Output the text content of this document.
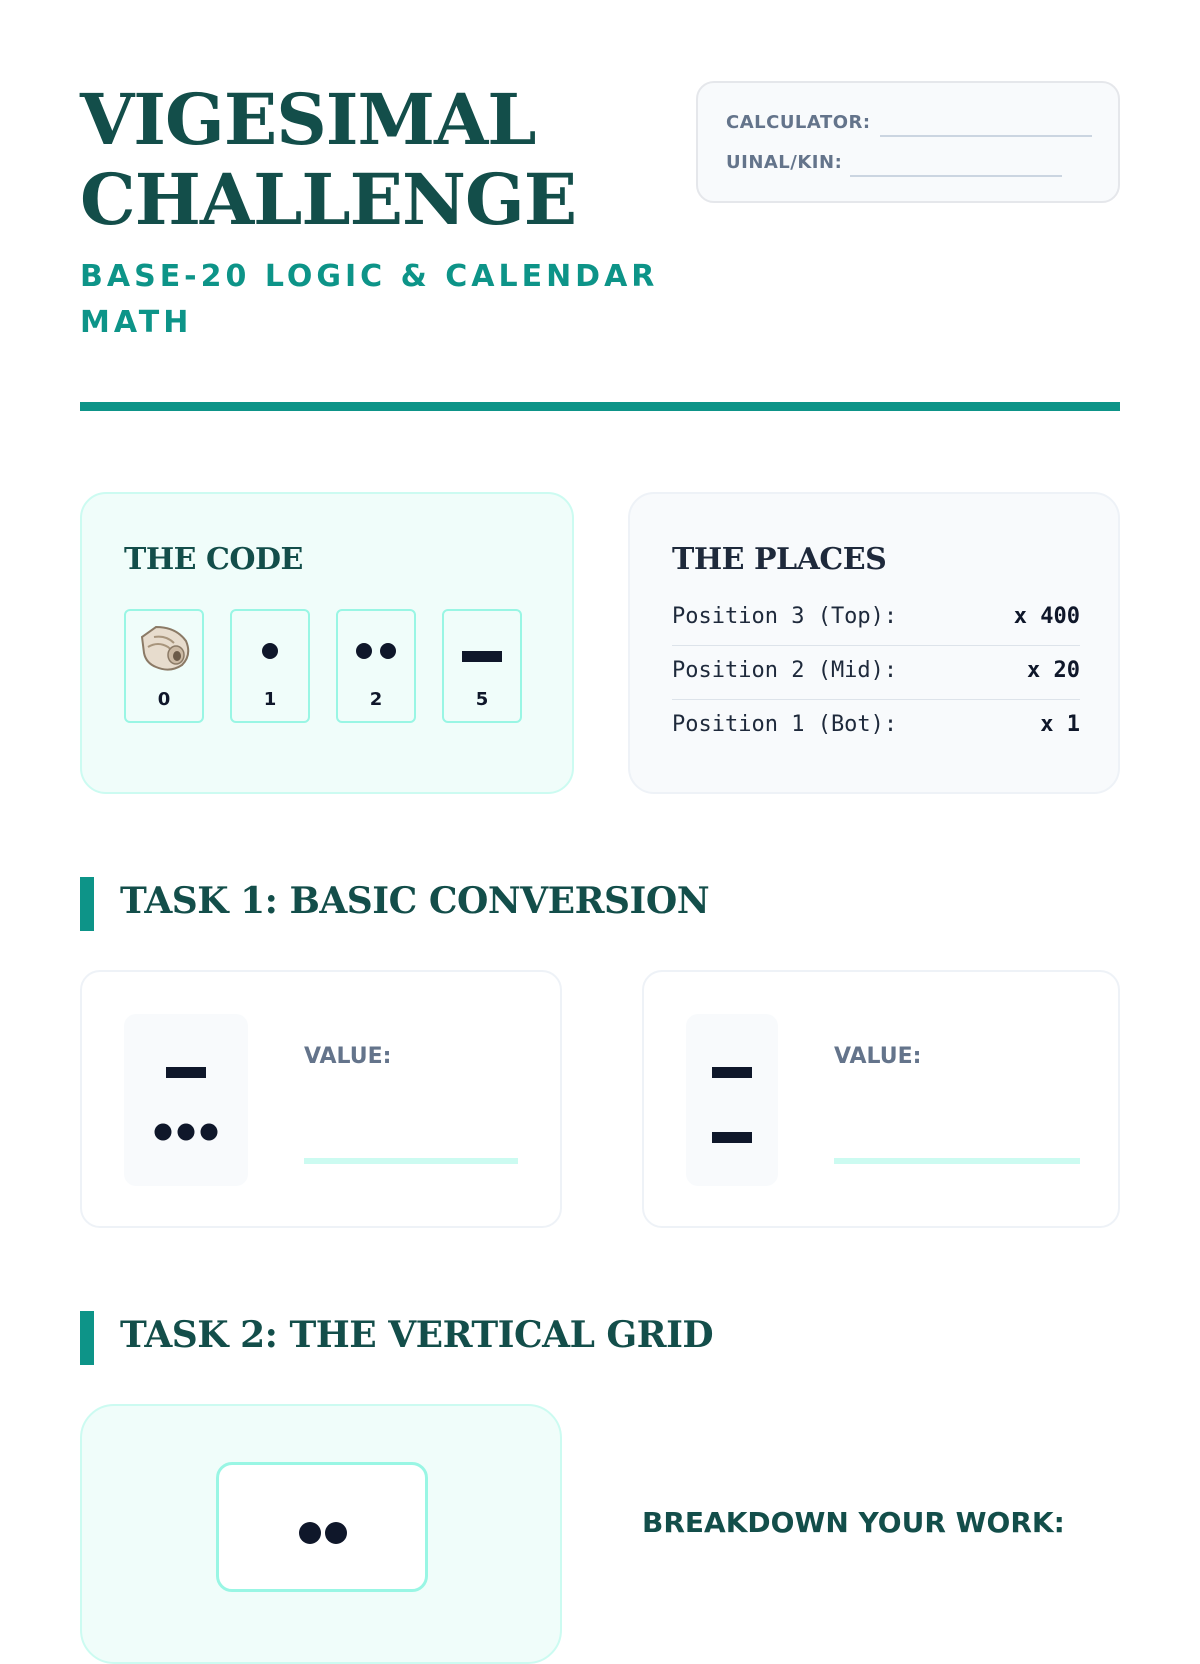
VIGESIMAL
CHALLENGE
BASE-20 LOGIC & CALENDAR MATH
CALCULATOR:
UINAL/KIN:
THE CODE
0	1	2	5
THE PLACES
Position 3 (Top):	x 400
Position 2 (Mid):	x 20
Position 1 (Bot):	x 1
TASK 1: BASIC CONVERSION
VALUE:	VALUE:
TASK 2: THE VERTICAL GRID
BREAKDOWN YOUR WORK:
